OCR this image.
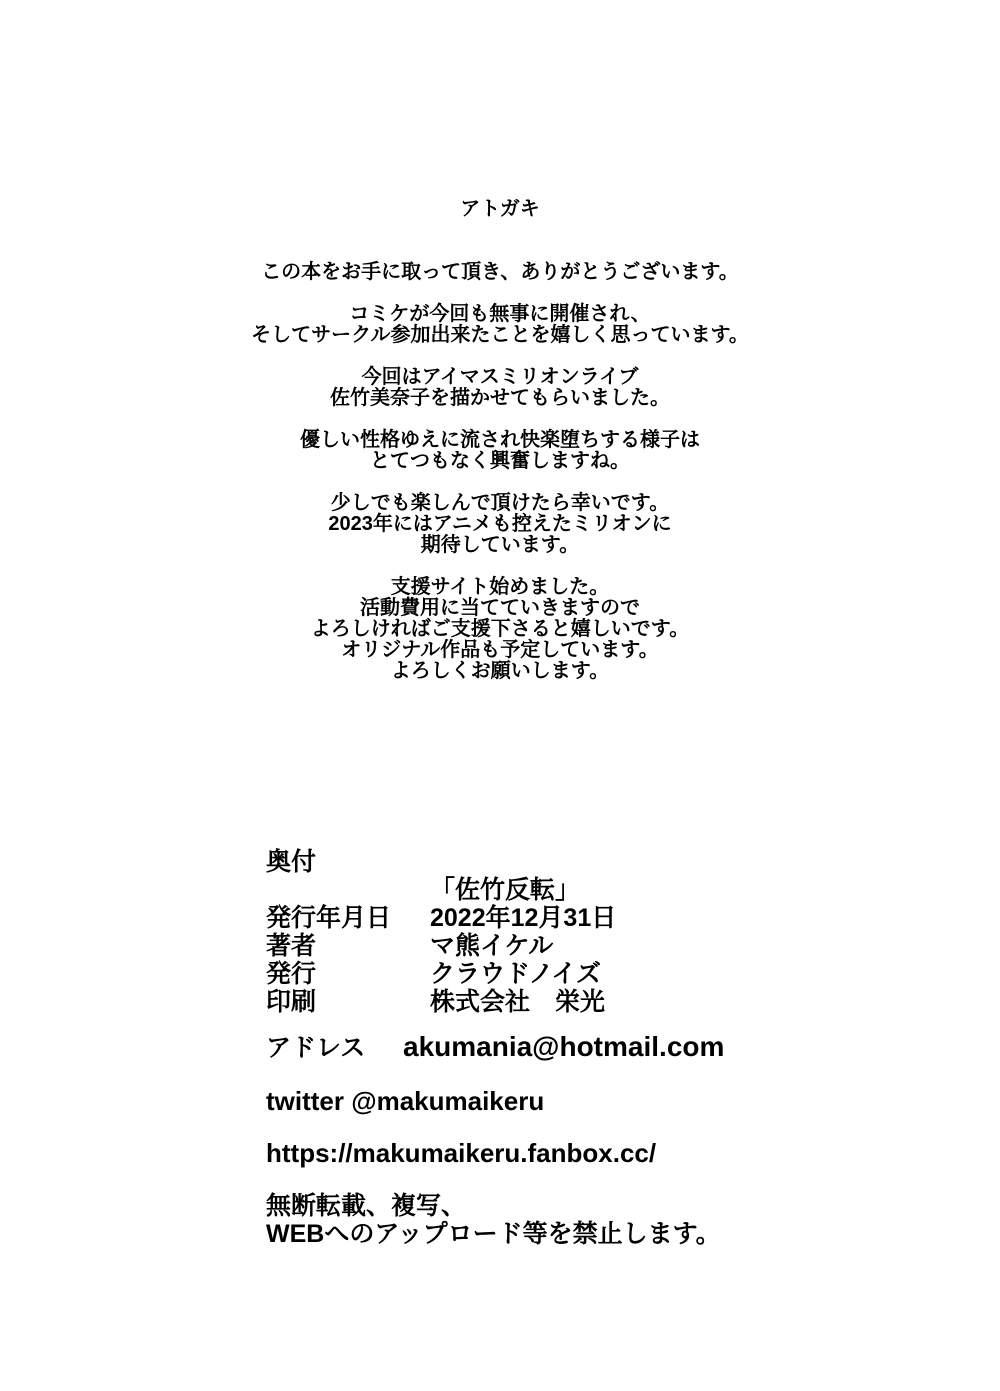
アトガキ
この本をお手に取って頂き、ありがとうございます。
コミケが今回も無事に開催され、
そしてサークル参加出来たことを嬉しく思っています。
今回はアイマスミリオンライブ
佐竹美奈子を描かせてもらいました。
優しい性格ゆえに流され快楽堕ちする様子は
とてつもなく興奮しますね。
少しでも楽しんで頂けたら幸いです。
2023年にはアニメも控えたミリオンに
期待しています。
支援サイト始めました。
活動費用に当てていきますので
よろしければご支援下さると嬉しいです。
オリジナル作品も予定しています。
よろしくお願いします。
奥付
「佐竹反転」
発行年月日	2022年12月31日
著者	マ熊イケル
発行	クラウドノイズ
印刷	株式会社　栄光
アドレス	akumania@hotmail.com
twitter @makumaikeru
https://makumaikeru.fanbox.cc/
無断転載、複写、
WEBへのアップロード等を禁止します。
